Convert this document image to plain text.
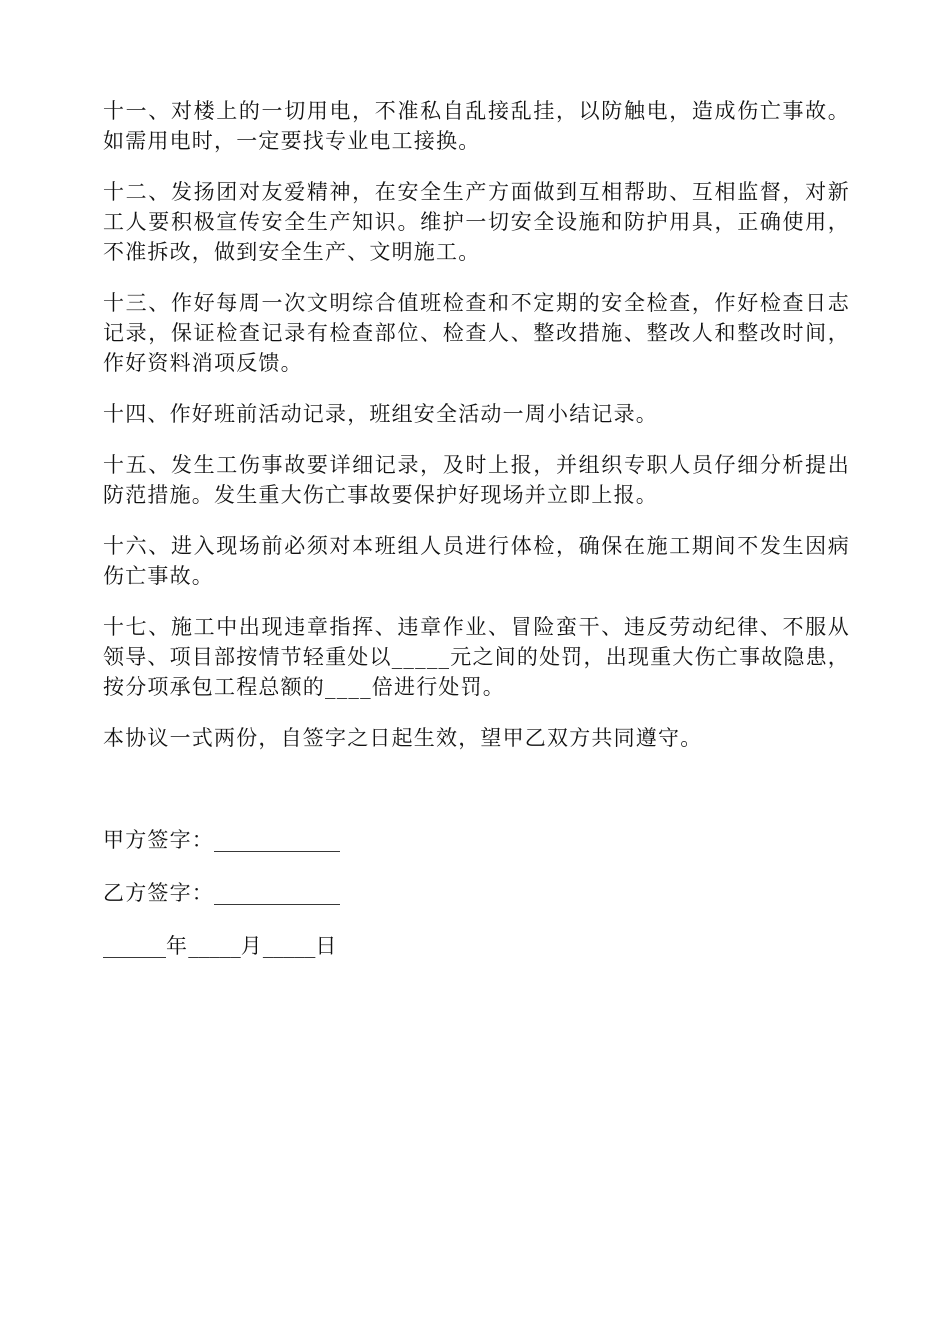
十一、对楼上的一切用电，不准私自乱接乱挂，以防触电，造成伤亡事故。如需用电时，一定要找专业电工接换。

十二、发扬团对友爱精神，在安全生产方面做到互相帮助、互相监督，对新工人要积极宣传安全生产知识。维护一切安全设施和防护用具，正确使用，不准拆改，做到安全生产、文明施工。

十三、作好每周一次文明综合值班检查和不定期的安全检查，作好检查日志记录，保证检查记录有检查部位、检查人、整改措施、整改人和整改时间，作好资料消项反馈。

十四、作好班前活动记录，班组安全活动一周小结记录。

十五、发生工伤事故要详细记录，及时上报，并组织专职人员仔细分析提出防范措施。发生重大伤亡事故要保护好现场并立即上报。

十六、进入现场前必须对本班组人员进行体检，确保在施工期间不发生因病伤亡事故。

十七、施工中出现违章指挥、违章作业、冒险蛮干、违反劳动纪律、不服从领导、项目部按情节轻重处以_____元之间的处罚，出现重大伤亡事故隐患，按分项承包工程总额的____倍进行处罚。

本协议一式两份，自签字之日起生效，望甲乙双方共同遵守。

甲方签字：____________
乙方签字：____________
______年_____月_____日
